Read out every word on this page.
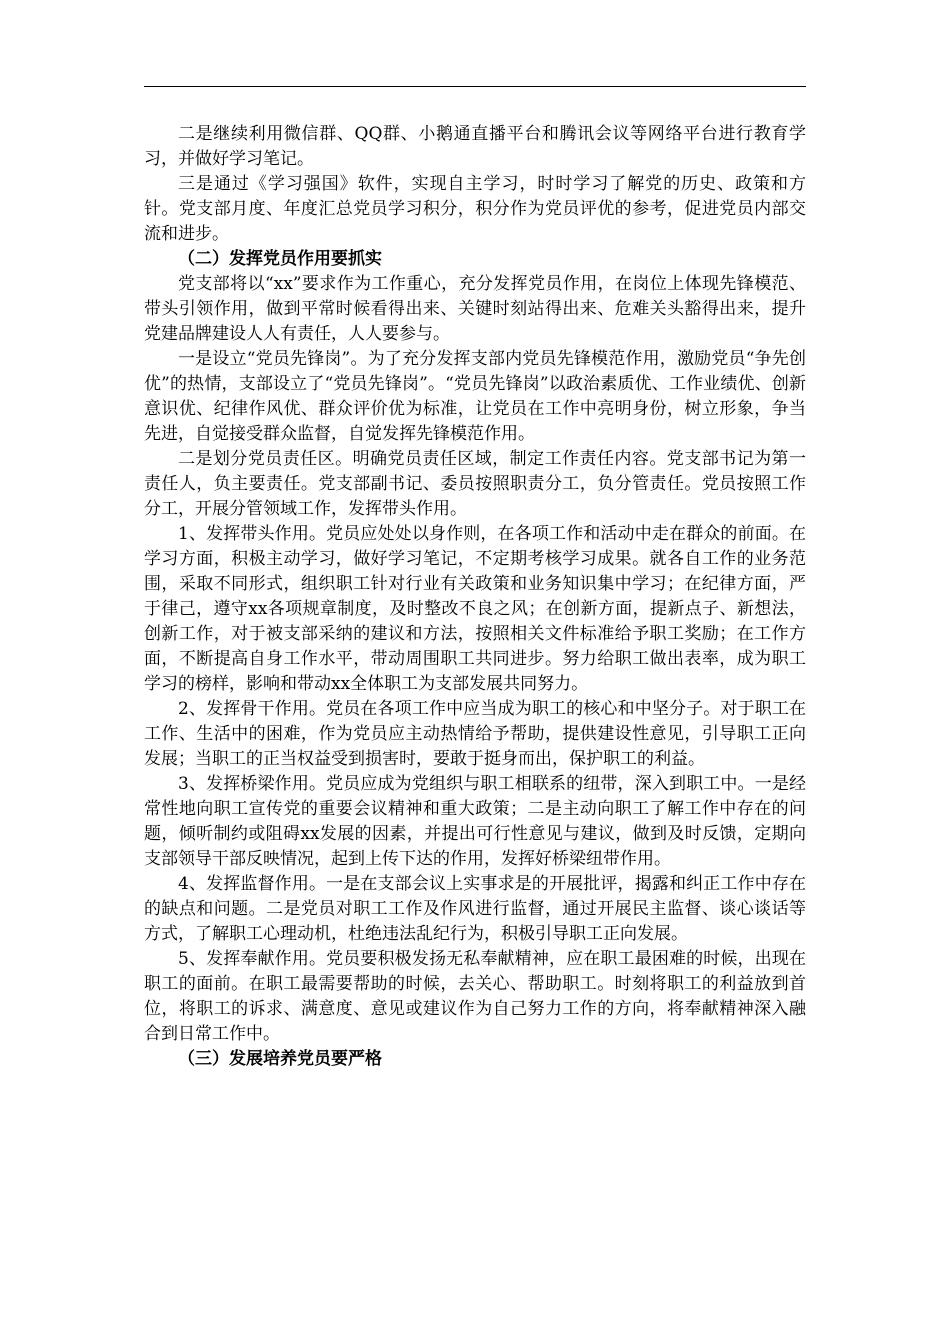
二是继续利用微信群、QQ群、小鹅通直播平台和腾讯会议等网络平台进行教育学习，并做好学习笔记。

三是通过《学习强国》软件，实现自主学习，时时学习了解党的历史、政策和方针。党支部月度、年度汇总党员学习积分，积分作为党员评优的参考，促进党员内部交流和进步。

（二）发挥党员作用要抓实

党支部将以“xx”要求作为工作重心，充分发挥党员作用，在岗位上体现先锋模范、带头引领作用，做到平常时候看得出来、关键时刻站得出来、危难关头豁得出来，提升党建品牌建设人人有责任，人人要参与。

一是设立“党员先锋岗”。为了充分发挥支部内党员先锋模范作用，激励党员“争先创优”的热情，支部设立了“党员先锋岗”。“党员先锋岗”以政治素质优、工作业绩优、创新意识优、纪律作风优、群众评价优为标准，让党员在工作中亮明身份，树立形象，争当先进，自觉接受群众监督，自觉发挥先锋模范作用。

二是划分党员责任区。明确党员责任区域，制定工作责任内容。党支部书记为第一责任人，负主要责任。党支部副书记、委员按照职责分工，负分管责任。党员按照工作分工，开展分管领域工作，发挥带头作用。

1、发挥带头作用。党员应处处以身作则，在各项工作和活动中走在群众的前面。在学习方面，积极主动学习，做好学习笔记，不定期考核学习成果。就各自工作的业务范围，采取不同形式，组织职工针对行业有关政策和业务知识集中学习；在纪律方面，严于律己，遵守xx各项规章制度，及时整改不良之风；在创新方面，提新点子、新想法，创新工作，对于被支部采纳的建议和方法，按照相关文件标准给予职工奖励；在工作方面，不断提高自身工作水平，带动周围职工共同进步。努力给职工做出表率，成为职工学习的榜样，影响和带动xx全体职工为支部发展共同努力。

2、发挥骨干作用。党员在各项工作中应当成为职工的核心和中坚分子。对于职工在工作、生活中的困难，作为党员应主动热情给予帮助，提供建设性意见，引导职工正向发展；当职工的正当权益受到损害时，要敢于挺身而出，保护职工的利益。

3、发挥桥梁作用。党员应成为党组织与职工相联系的纽带，深入到职工中。一是经常性地向职工宣传党的重要会议精神和重大政策；二是主动向职工了解工作中存在的问题，倾听制约或阻碍xx发展的因素，并提出可行性意见与建议，做到及时反馈，定期向支部领导干部反映情况，起到上传下达的作用，发挥好桥梁纽带作用。

4、发挥监督作用。一是在支部会议上实事求是的开展批评，揭露和纠正工作中存在的缺点和问题。二是党员对职工工作及作风进行监督，通过开展民主监督、谈心谈话等方式，了解职工心理动机，杜绝违法乱纪行为，积极引导职工正向发展。

5、发挥奉献作用。党员要积极发扬无私奉献精神，应在职工最困难的时候，出现在职工的面前。在职工最需要帮助的时候，去关心、帮助职工。时刻将职工的利益放到首位，将职工的诉求、满意度、意见或建议作为自己努力工作的方向，将奉献精神深入融合到日常工作中。

（三）发展培养党员要严格
